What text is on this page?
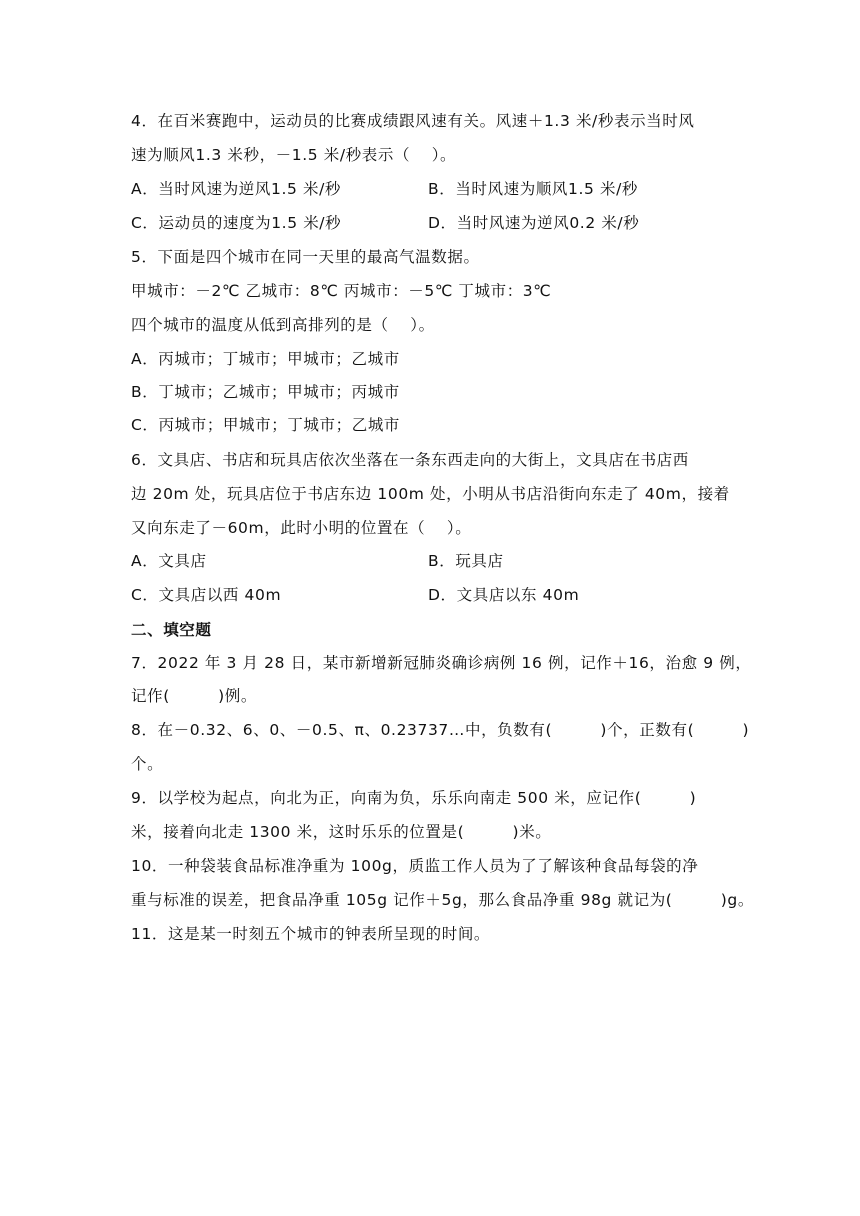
4．在百米赛跑中，运动员的比赛成绩跟风速有关。风速＋1.3 米/秒表示当时风
速为顺风1.3 米秒，－1.5 米/秒表示（　 ）。
A．当时风速为逆风1.5 米/秒	B．当时风速为顺风1.5 米/秒
C．运动员的速度为1.5 米/秒	D．当时风速为逆风0.2 米/秒
5．下面是四个城市在同一天里的最高气温数据。
甲城市：－2℃ 乙城市：8℃ 丙城市：－5℃ 丁城市：3℃
四个城市的温度从低到高排列的是（　 ）。
A．丙城市；丁城市；甲城市；乙城市
B．丁城市；乙城市；甲城市；丙城市
C．丙城市；甲城市；丁城市；乙城市
6．文具店、书店和玩具店依次坐落在一条东西走向的大街上，文具店在书店西
边 20m 处，玩具店位于书店东边 100m 处，小明从书店沿街向东走了 40m，接着
又向东走了－60m，此时小明的位置在（　 ）。
A．文具店	B．玩具店
C．文具店以西 40m	D．文具店以东 40m
二、填空题
7．2022 年 3 月 28 日，某市新增新冠肺炎确诊病例 16 例，记作＋16，治愈 9 例，
记作(　　　)例。
8．在－0.32、6、0、－0.5、π、0.23737…中，负数有(　　　)个，正数有(　　　)
个。
9．以学校为起点，向北为正，向南为负，乐乐向南走 500 米，应记作(　　　)
米，接着向北走 1300 米，这时乐乐的位置是(　　　)米。
10．一种袋装食品标准净重为 100g，质监工作人员为了了解该种食品每袋的净
重与标准的误差，把食品净重 105g 记作＋5g，那么食品净重 98g 就记为(　　　)g。
11．这是某一时刻五个城市的钟表所呈现的时间。
